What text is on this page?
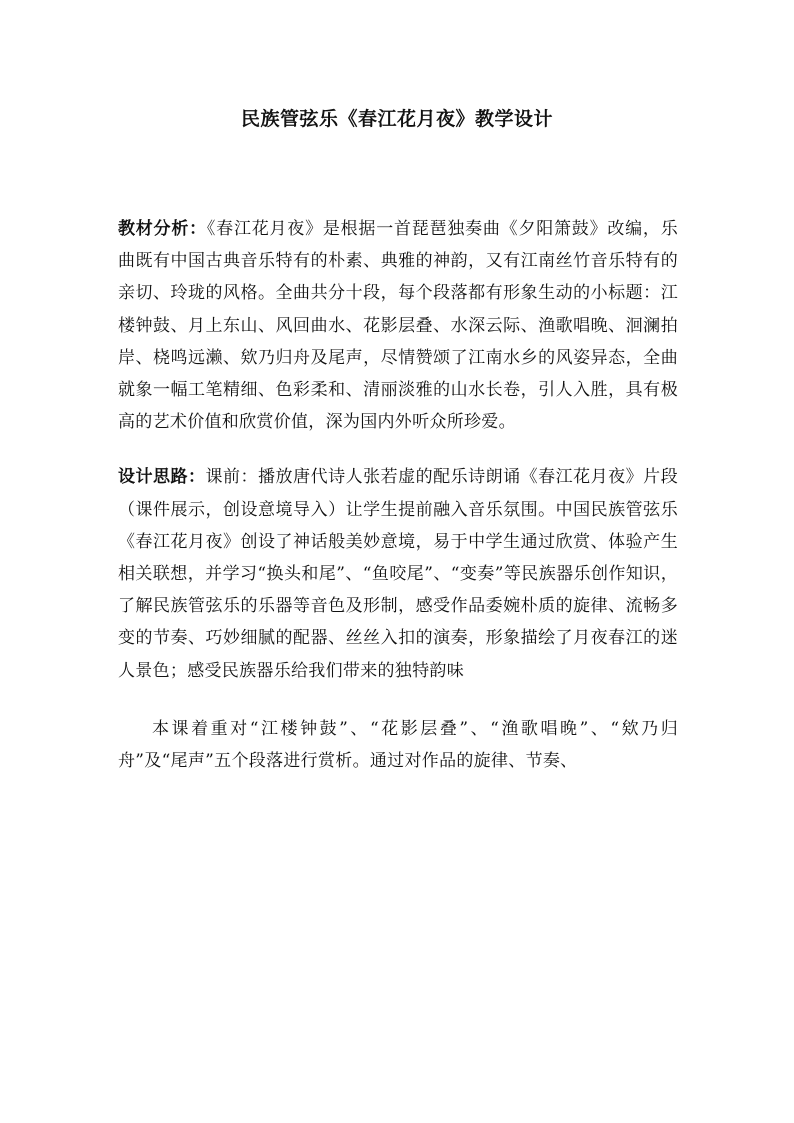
民族管弦乐《春江花月夜》教学设计

教材分析：《春江花月夜》是根据一首琵琶独奏曲《夕阳箫鼓》改编，乐曲既有中国古典音乐特有的朴素、典雅的神韵，又有江南丝竹音乐特有的亲切、玲珑的风格。全曲共分十段，每个段落都有形象生动的小标题：江楼钟鼓、月上东山、风回曲水、花影层叠、水深云际、渔歌唱晚、洄澜拍岸、桡鸣远濑、欸乃归舟及尾声，尽情赞颂了江南水乡的风姿异态，全曲就象一幅工笔精细、色彩柔和、清丽淡雅的山水长卷，引人入胜，具有极高的艺术价值和欣赏价值，深为国内外听众所珍爱。

设计思路：课前：播放唐代诗人张若虚的配乐诗朗诵《春江花月夜》片段（课件展示，创设意境导入）让学生提前融入音乐氛围。中国民族管弦乐《春江花月夜》创设了神话般美妙意境，易于中学生通过欣赏、体验产生相关联想，并学习“换头和尾”、“鱼咬尾”、“变奏”等民族器乐创作知识，了解民族管弦乐的乐器等音色及形制，感受作品委婉朴质的旋律、流畅多变的节奏、巧妙细腻的配器、丝丝入扣的演奏，形象描绘了月夜春江的迷人景色；感受民族器乐给我们带来的独特韵味

本课着重对“江楼钟鼓”、“花影层叠”、“渔歌唱晚”、“欸乃归舟”及“尾声”五个段落进行赏析。通过对作品的旋律、节奏、
